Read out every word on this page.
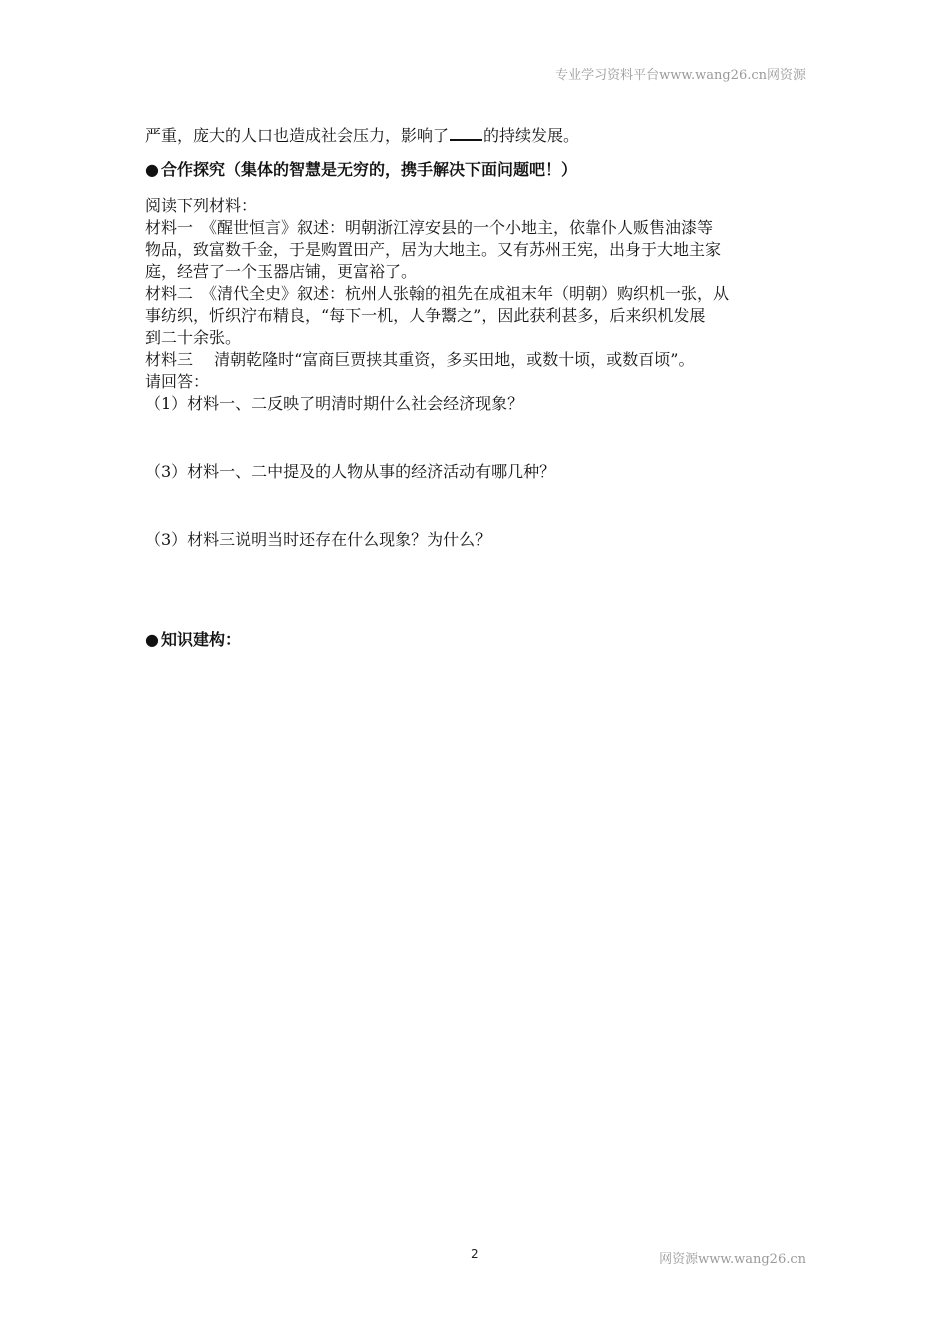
专业学习资料平台www.wang26.cn网资源
严重，庞大的人口也造成社会压力，影响了 的持续发展。
● 合作探究（集体的智慧是无穷的，携手解决下面问题吧！）
阅读下列材料：
材料一　《醒世恒言》叙述：明朝浙江淳安县的一个小地主，依靠仆人贩售油漆等
物品，致富数千金，于是购置田产，居为大地主。又有苏州王宪，出身于大地主家
庭，经营了一个玉器店铺，更富裕了。
材料二　《清代全史》叙述：杭州人张翰的祖先在成祖末年（明朝）购织机一张，从
事纺织，忻织泞布精良，“每下一机，人争鬻之”，因此获利甚多，后来织机发展
到二十余张。
材料三　 清朝乾隆时“富商巨贾挟其重资，多买田地，或数十顷，或数百顷”。
请回答：
（1）材料一、二反映了明清时期什么社会经济现象？
（3）材料一、二中提及的人物从事的经济活动有哪几种？
（3）材料三说明当时还存在什么现象？为什么？
● 知识建构：
2	网资源www.wang26.cn
